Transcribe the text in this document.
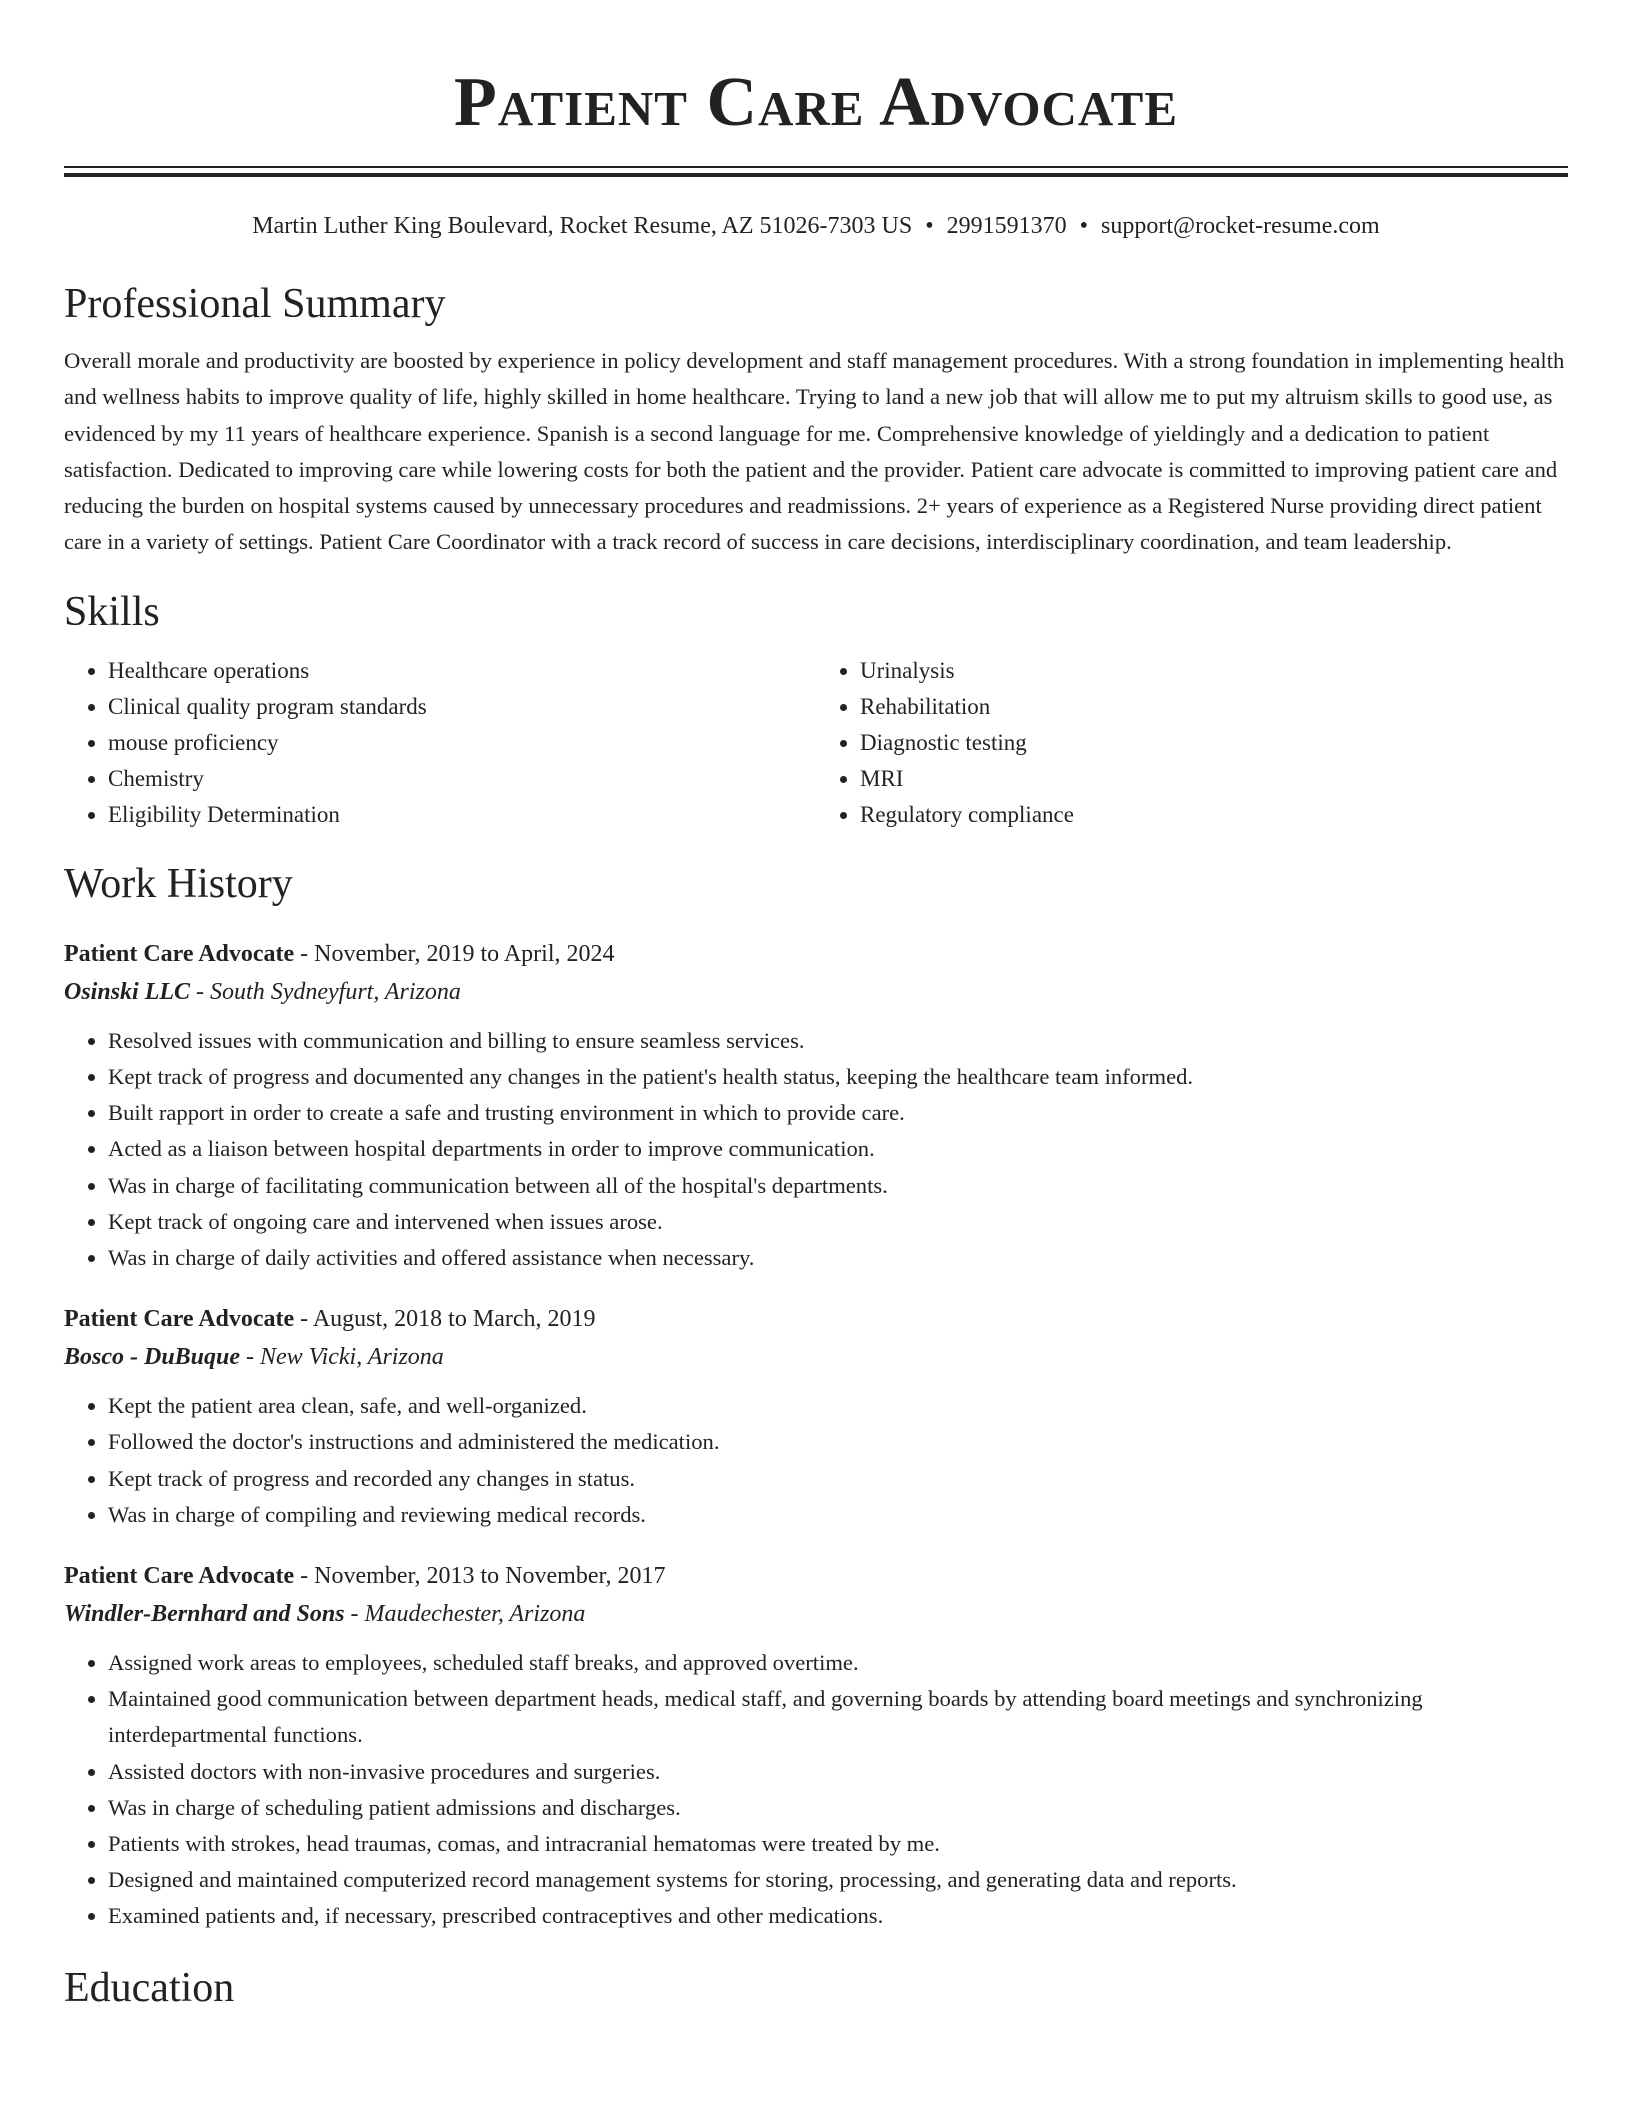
Patient Care Advocate
Martin Luther King Boulevard, Rocket Resume, AZ 51026-7303 US • 2991591370 • support@rocket-resume.com
Professional Summary
Overall morale and productivity are boosted by experience in policy development and staff management procedures. With a strong foundation in implementing health and wellness habits to improve quality of life, highly skilled in home healthcare. Trying to land a new job that will allow me to put my altruism skills to good use, as evidenced by my 11 years of healthcare experience. Spanish is a second language for me. Comprehensive knowledge of yieldingly and a dedication to patient satisfaction. Dedicated to improving care while lowering costs for both the patient and the provider. Patient care advocate is committed to improving patient care and reducing the burden on hospital systems caused by unnecessary procedures and readmissions. 2+ years of experience as a Registered Nurse providing direct patient care in a variety of settings. Patient Care Coordinator with a track record of success in care decisions, interdisciplinary coordination, and team leadership.
Skills
• Healthcare operations
• Clinical quality program standards
• mouse proficiency
• Chemistry
• Eligibility Determination
• Urinalysis
• Rehabilitation
• Diagnostic testing
• MRI
• Regulatory compliance
Work History
Patient Care Advocate - November, 2019 to April, 2024
Osinski LLC - South Sydneyfurt, Arizona
• Resolved issues with communication and billing to ensure seamless services.
• Kept track of progress and documented any changes in the patient's health status, keeping the healthcare team informed.
• Built rapport in order to create a safe and trusting environment in which to provide care.
• Acted as a liaison between hospital departments in order to improve communication.
• Was in charge of facilitating communication between all of the hospital's departments.
• Kept track of ongoing care and intervened when issues arose.
• Was in charge of daily activities and offered assistance when necessary.
Patient Care Advocate - August, 2018 to March, 2019
Bosco - DuBuque - New Vicki, Arizona
• Kept the patient area clean, safe, and well-organized.
• Followed the doctor's instructions and administered the medication.
• Kept track of progress and recorded any changes in status.
• Was in charge of compiling and reviewing medical records.
Patient Care Advocate - November, 2013 to November, 2017
Windler-Bernhard and Sons - Maudechester, Arizona
• Assigned work areas to employees, scheduled staff breaks, and approved overtime.
• Maintained good communication between department heads, medical staff, and governing boards by attending board meetings and synchronizing interdepartmental functions.
• Assisted doctors with non-invasive procedures and surgeries.
• Was in charge of scheduling patient admissions and discharges.
• Patients with strokes, head traumas, comas, and intracranial hematomas were treated by me.
• Designed and maintained computerized record management systems for storing, processing, and generating data and reports.
• Examined patients and, if necessary, prescribed contraceptives and other medications.
Education
